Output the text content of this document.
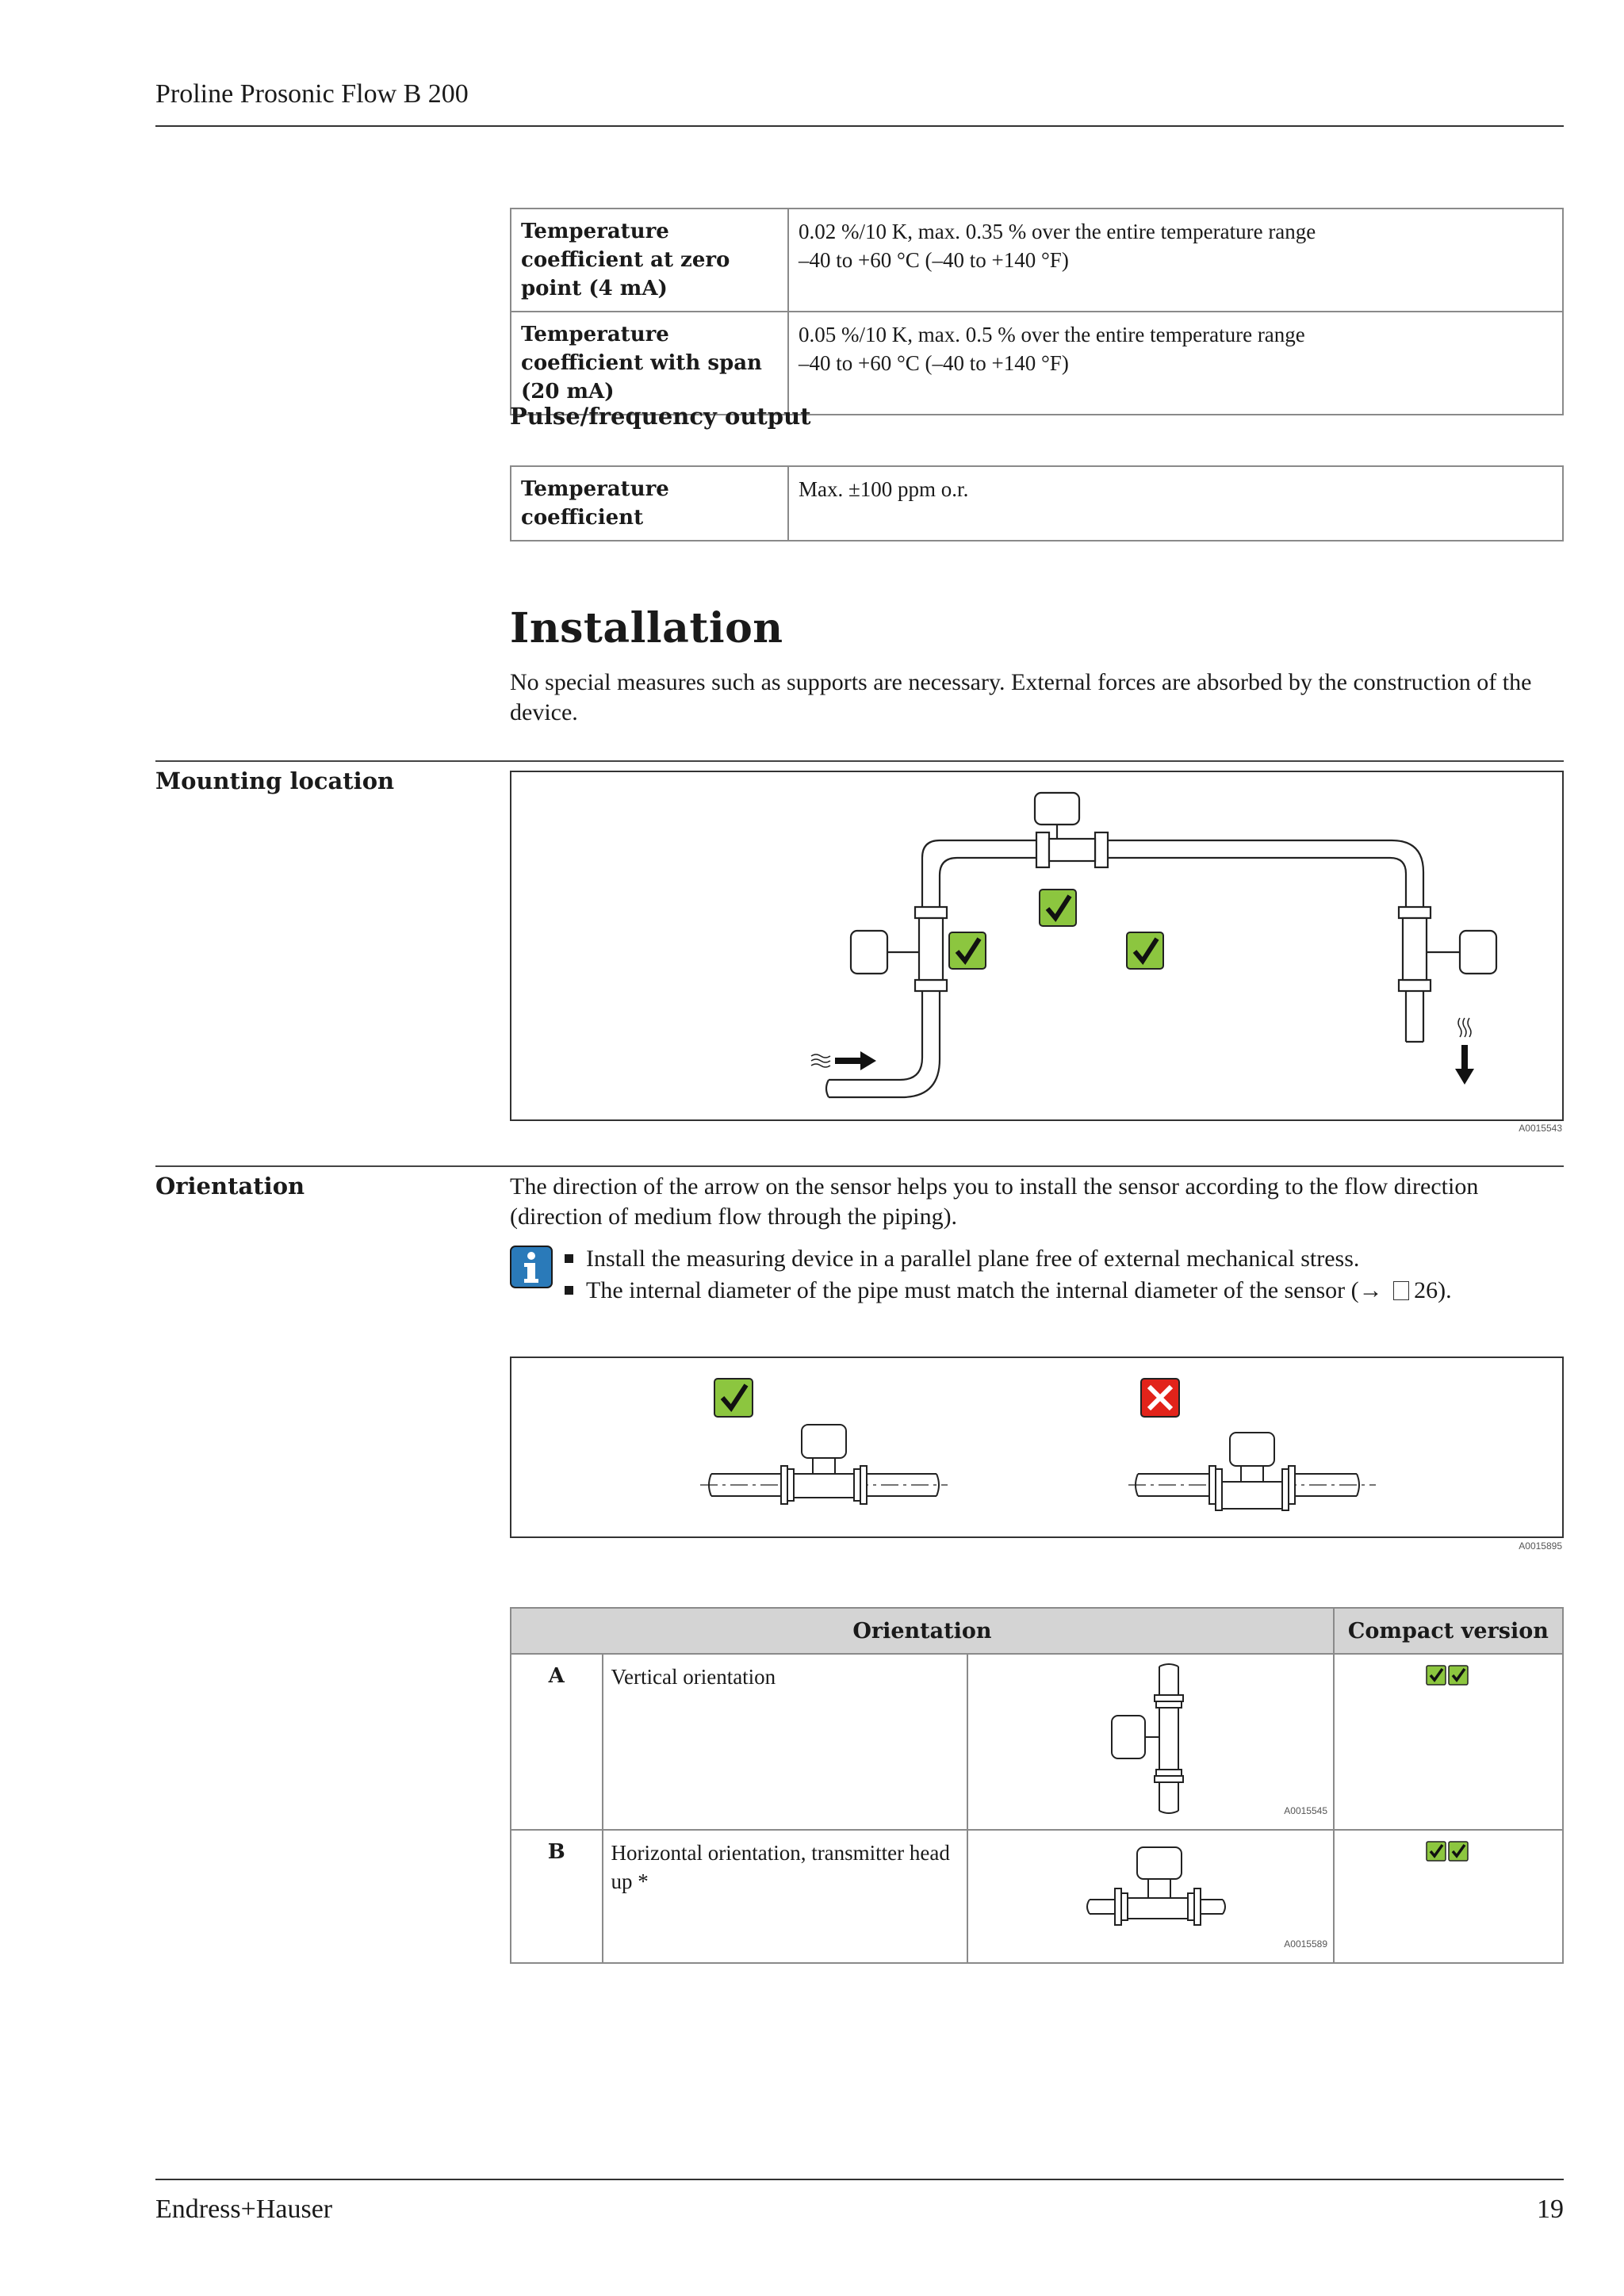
Proline Prosonic Flow B 200
Temperature coefficient at zero point (4 mA)	0.02 %/10 K, max. 0.35 % over the entire temperature range
–40 to +60 °C (–40 to +140 °F)

Temperature coefficient with span (20 mA)	0.05 %/10 K, max. 0.5 % over the entire temperature range
–40 to +60 °C (–40 to +140 °F)
Pulse/frequency output
Temperature coefficient	Max. ±100 ppm o.r.
Installation
No special measures such as supports are necessary. External forces are absorbed by the construction of the device.
Mounting location
A0015543
Orientation	The direction of the arrow on the sensor helps you to install the sensor according to the flow direction (direction of medium flow through the piping).
Install the measuring device in a parallel plane free of external mechanical stress.
The internal diameter of the pipe must match the internal diameter of the sensor (→ 26).
A0015895
Orientation			Compact version
A	Vertical orientation	A0015545

B	Horizontal orientation, transmitter head up *	A0015589

Endress+Hauser	19
